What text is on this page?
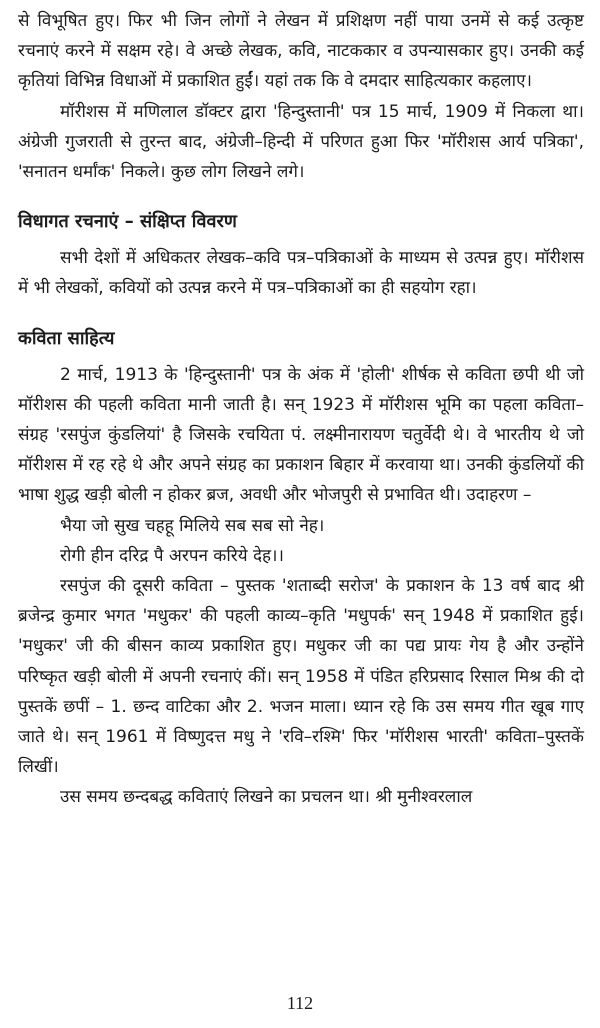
से विभूषित हुए। फिर भी जिन लोगों ने लेखन में प्रशिक्षण नहीं पाया उनमें से कई उत्कृष्ट रचनाएं करने में सक्षम रहे। वे अच्छे लेखक, कवि, नाटककार व उपन्यासकार हुए। उनकी कई कृतियां विभिन्न विधाओं में प्रकाशित हुईं। यहां तक कि वे दमदार साहित्यकार कहलाए।

मॉरीशस में मणिलाल डॉक्टर द्वारा 'हिन्दुस्तानी' पत्र 15 मार्च, 1909 में निकला था। अंग्रेजी गुजराती से तुरन्त बाद, अंग्रेजी–हिन्दी में परिणत हुआ फिर 'मॉरीशस आर्य पत्रिका', 'सनातन धर्मांक' निकले। कुछ लोग लिखने लगे।

विधागत रचनाएं – संक्षिप्त विवरण

सभी देशों में अधिकतर लेखक–कवि पत्र–पत्रिकाओं के माध्यम से उत्पन्न हुए। मॉरीशस में भी लेखकों, कवियों को उत्पन्न करने में पत्र–पत्रिकाओं का ही सहयोग रहा।

कविता साहित्य

2 मार्च, 1913 के 'हिन्दुस्तानी' पत्र के अंक में 'होली' शीर्षक से कविता छपी थी जो मॉरीशस की पहली कविता मानी जाती है। सन् 1923 में मॉरीशस भूमि का पहला कविता–संग्रह 'रसपुंज कुंडलियां' है जिसके रचयिता पं. लक्ष्मीनारायण चतुर्वेदी थे। वे भारतीय थे जो मॉरीशस में रह रहे थे और अपने संग्रह का प्रकाशन बिहार में करवाया था। उनकी कुंडलियों की भाषा शुद्ध खड़ी बोली न होकर ब्रज, अवधी और भोजपुरी से प्रभावित थी। उदाहरण –

भैया जो सुख चहहू मिलिये सब सब सो नेह।

रोगी हीन दरिद्र पै अरपन करिये देह।।

रसपुंज की दूसरी कविता – पुस्तक 'शताब्दी सरोज' के प्रकाशन के 13 वर्ष बाद श्री ब्रजेन्द्र कुमार भगत 'मधुकर' की पहली काव्य–कृति 'मधुपर्क' सन् 1948 में प्रकाशित हुई। 'मधुकर' जी की बीसन काव्य प्रकाशित हुए। मधुकर जी का पद्य प्रायः गेय है और उन्होंने परिष्कृत खड़ी बोली में अपनी रचनाएं कीं। सन् 1958 में पंडित हरिप्रसाद रिसाल मिश्र की दो पुस्तकें छपीं – 1. छन्द वाटिका और 2. भजन माला। ध्यान रहे कि उस समय गीत खूब गाए जाते थे। सन् 1961 में विष्णुदत्त मधु ने 'रवि–रश्मि' फिर 'मॉरीशस भारती' कविता–पुस्तकें लिखीं।

उस समय छन्दबद्ध कविताएं लिखने का प्रचलन था। श्री मुनीश्वरलाल

112
